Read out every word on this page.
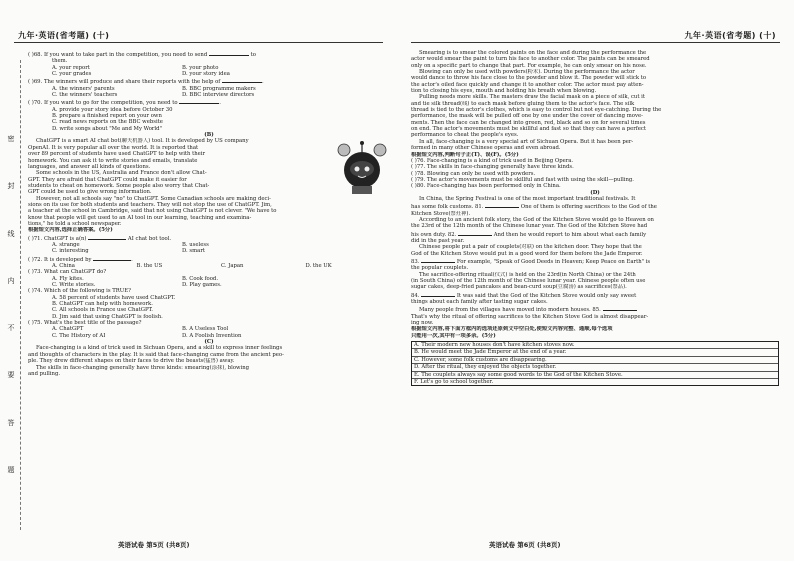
九年·英语(省考题) (十)
密
封
线
内
不
要
答
题
( )68. If you want to take part in the competition, you need to send	to
them.
A. your report	B. your photo
C. your grades	D. your story idea
( )69. The winners will produce and share their reports with the help of	.
A. the winners' parents	B. BBC programme makers
C. the winners' teachers	D. BBC interview directors
( )70. If you want to go for the competition, you need to	.
A. provide your story idea before October 30
B. prepare a finished report on your own
C. read news reports on the BBC website
D. write songs about "Me and My World"
(B)
ChatGPT is a smart AI chat bot(聊天机器人) tool. It is developed by US company
OpenAI. It is very popular all over the world. It is reported that
over 89 percent of students have used ChatGPT to help with their
homework. You can ask it to write stories and emails, translate
languages, and answer all kinds of questions.
Some schools in the US, Australia and France don't allow Chat-
GPT. They are afraid that ChatGPT could make it easier for
students to cheat on homework. Some people also worry that Chat-
GPT could be used to give wrong information.
However, not all schools say "no" to ChatGPT. Some Canadian schools are making deci-
sions on its use for both students and teachers. They will not stop the use of ChatGPT. Jim,
a teacher at the school in Cambridge, said that not using ChatGPT is not clever. "We have to
know that people will get used to an AI tool in our learning, teaching and examina-
tions," he told a school newspaper.
根据短文内容,选择正确答案。(5分)
( )71. ChatGPT is a(n)	AI chat bot tool.
A. strange	B. useless
C. interesting	D. smart
( )72. It is developed by	.
A. China	B. the US	C. Japan	D. the UK
( )73. What can ChatGPT do?
A. Fly kites.	B. Cook food.
C. Write stories.	D. Play games.
( )74. Which of the following is TRUE?
A. 58 percent of students have used ChatGPT.
B. ChatGPT can help with homework.
C. All schools in France use ChatGPT.
D. Jim said that using ChatGPT is foolish.
( )75. What's the best title of the passage?
A. ChatGPT	B. A Useless Tool
C. The History of AI	D. A Foolish Invention
(C)
Face-changing is a kind of trick used in Sichuan Opera, and a skill to express inner feelings
and thoughts of characters in the play. It is said that face-changing came from the ancient peo-
ple. They drew different shapes on their faces to drive the beasts(猛兽) away.
The skills in face-changing generally have three kinds: smearing(涂抹), blowing
and pulling.
英语试卷 第5页 (共8页)
九年·英语(省考题) (十)
Smearing is to smear the colored paints on the face and during the performance the
actor would smear the paint to turn his face to another color. The paints can be smeared
only on a specific part to change that part. For example, he can only smear on his nose.
Blowing can only be used with powders(粉末). During the performance the actor
would dance to throw his face close to the powder and blow it. The powder will stick to
the actor's oiled face quickly and change it to another color. The actor must pay atten-
tion to closing his eyes, mouth and holding his breath when blowing.
Pulling needs more skills. The masters draw the facial mask on a piece of silk, cut it
and tie silk thread(线) to each mask before gluing them to the actor's face. The silk
thread is tied to the actor's clothes, which is easy to control but not eye-catching. During the
performance, the mask will be pulled off one by one under the cover of dancing move-
ments. Then the face can be changed into green, red, black and so on for several times
on end. The actor's movements must be skillful and fast so that they can have a perfect
performance to cheat the people's eyes.
In all, face-changing is a very special art of Sichuan Opera. But it has been per-
formed in many other Chinese operas and even abroad.
根据短文内容,判断句子正(T)、误(F)。(5分)
( )76. Face-changing is a kind of trick used in Beijing Opera.
( )77. The skills in face-changing generally have three kinds.
( )78. Blowing can only be used with powders.
( )79. The actor's movements must be skillful and fast with using the skill—pulling.
( )80. Face-changing has been performed only in China.
(D)
In China, the Spring Festival is one of the most important traditional festivals. It
has some folk customs. 81.	One of them is offering sacrifices to the God of the
Kitchen Stove(祭灶神).
According to an ancient folk story, the God of the Kitchen Stove would go to Heaven on
the 23rd of the 12th month of the Chinese lunar year. The God of the Kitchen Stove had
his own duty. 82.	And then he would report to him about what each family
did in the past year.
Chinese people put a pair of couplets(对联) on the kitchen door. They hope that the
God of the Kitchen Stove would put in a good word for them before the Jade Emperor.
83.	For example, "Speak of Good Deeds in Heaven; Keep Peace on Earth" is
the popular couplets.
The sacrifice-offering ritual(仪式) is held on the 23rd(in North China) or the 24th
(in South China) of the 12th month of the Chinese lunar year. Chinese people often use
sugar cakes, deep-fried pancakes and bean-curd soup(豆腐汤) as sacrifices(祭品).
84.	It was said that the God of the Kitchen Stove would only say sweet
things about each family after tasting sugar cakes.
Many people from the villages have moved into modern houses. 85.
That's why the ritual of offering sacrifices to the Kitchen Stove God is almost disappear-
ing now.
根据短文内容,将下面方框内的选项还原到文中空白处,使短文内容完整、通顺,每个选项
只能用一次,其中有一项多余。(5分)
A. Their modern new houses don't have kitchen stoves now.
B. He would meet the Jade Emperor at the end of a year.
C. However, some folk customs are disappearing.
D. After the ritual, they enjoyed the objects together.
E. The couplets always say some good words to the God of the Kitchen Stove.
F. Let's go to school together.
英语试卷 第6页 (共8页)
